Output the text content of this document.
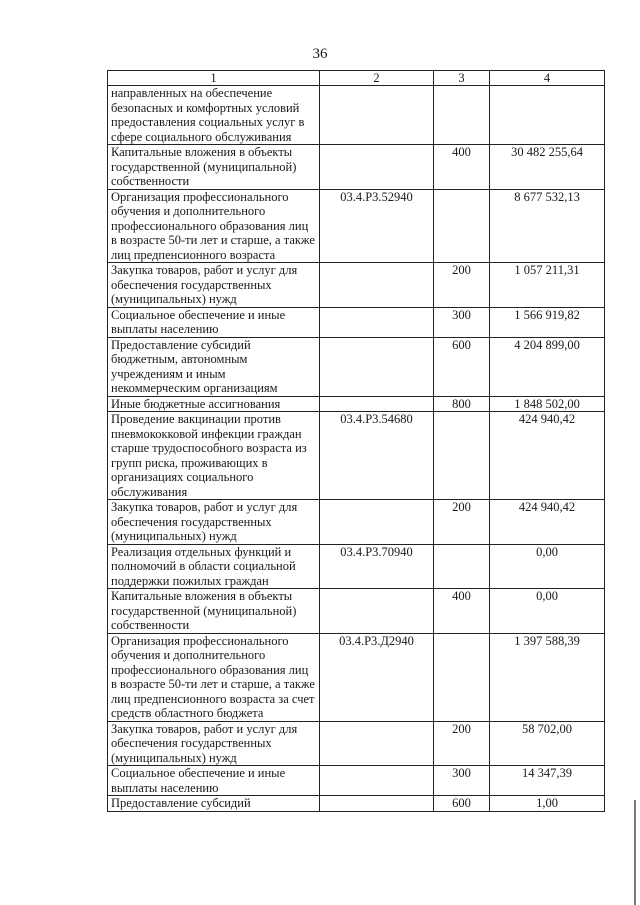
36
1	2	3	4
направленных на обеспечение безопасных и комфортных условий предоставления социальных услуг в сфере социального обслуживания			
Капитальные вложения в объекты государственной (муниципальной) собственности		400	30 482 255,64
Организация профессионального обучения и дополнительного профессионального образования лиц в возрасте 50-ти лет и старше, а также лиц предпенсионного возраста	03.4.Р3.52940		8 677 532,13
Закупка товаров, работ и услуг для обеспечения государственных (муниципальных) нужд		200	1 057 211,31
Социальное обеспечение и иные выплаты населению		300	1 566 919,82
Предоставление субсидий бюджетным, автономным учреждениям и иным некоммерческим организациям		600	4 204 899,00
Иные бюджетные ассигнования		800	1 848 502,00
Проведение вакцинации против пневмококковой инфекции граждан старше трудоспособного возраста из групп риска, проживающих в организациях социального обслуживания	03.4.Р3.54680		424 940,42
Закупка товаров, работ и услуг для обеспечения государственных (муниципальных) нужд		200	424 940,42
Реализация отдельных функций и полномочий в области социальной поддержки пожилых граждан	03.4.Р3.70940		0,00
Капитальные вложения в объекты государственной (муниципальной) собственности		400	0,00
Организация профессионального обучения и дополнительного профессионального образования лиц в возрасте 50-ти лет и старше, а также лиц предпенсионного возраста за счет средств областного бюджета	03.4.Р3.Д2940		1 397 588,39
Закупка товаров, работ и услуг для обеспечения государственных (муниципальных) нужд		200	58 702,00
Социальное обеспечение и иные выплаты населению		300	14 347,39
Предоставление субсидий		600	1,00
